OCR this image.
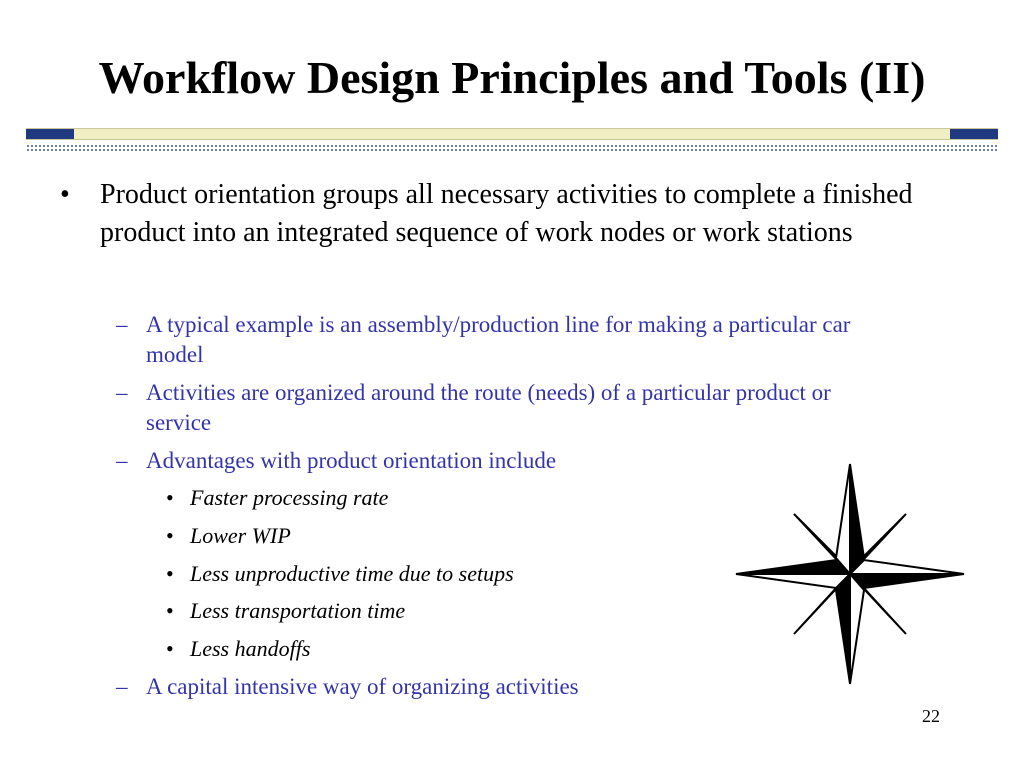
Workflow Design Principles and Tools (II)
• Product orientation groups all necessary activities to complete a finished product into an integrated sequence of work nodes or work stations
– A typical example is an assembly/production line for making a particular car model
– Activities are organized around the route (needs) of a particular product or service
– Advantages with product orientation include
• Faster processing rate
• Lower WIP
• Less unproductive time due to setups
• Less transportation time
• Less handoffs
– A capital intensive way of organizing activities
22
